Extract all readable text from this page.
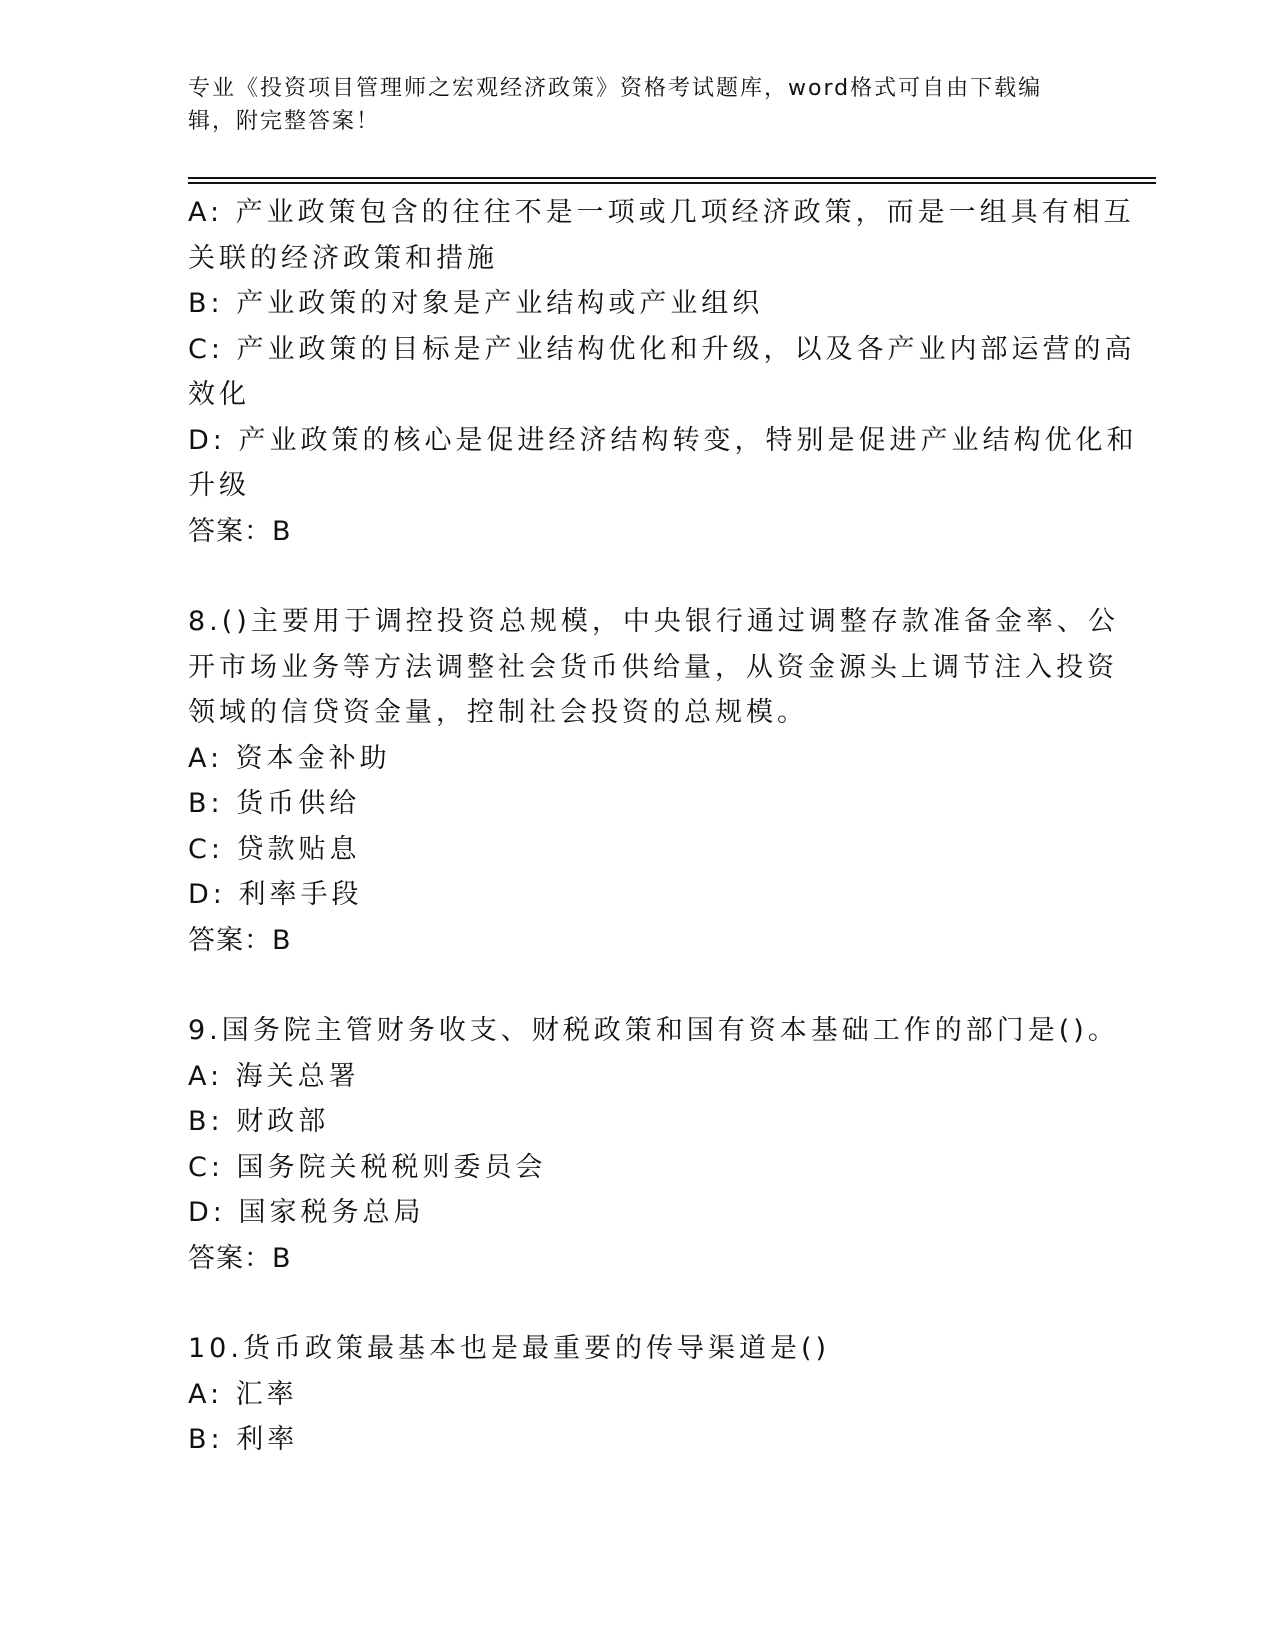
专业《投资项目管理师之宏观经济政策》资格考试题库，word格式可自由下载编
辑，附完整答案！
A: 产业政策包含的往往不是一项或几项经济政策，而是一组具有相互
关联的经济政策和措施
B: 产业政策的对象是产业结构或产业组织
C: 产业政策的目标是产业结构优化和升级，以及各产业内部运营的高
效化
D: 产业政策的核心是促进经济结构转变，特别是促进产业结构优化和
升级
答案：B
8.()主要用于调控投资总规模，中央银行通过调整存款准备金率、公
开市场业务等方法调整社会货币供给量，从资金源头上调节注入投资
领域的信贷资金量，控制社会投资的总规模。
A: 资本金补助
B: 货币供给
C: 贷款贴息
D: 利率手段
答案：B
9.国务院主管财务收支、财税政策和国有资本基础工作的部门是()。
A: 海关总署
B: 财政部
C: 国务院关税税则委员会
D: 国家税务总局
答案：B
10.货币政策最基本也是最重要的传导渠道是()
A: 汇率
B: 利率
